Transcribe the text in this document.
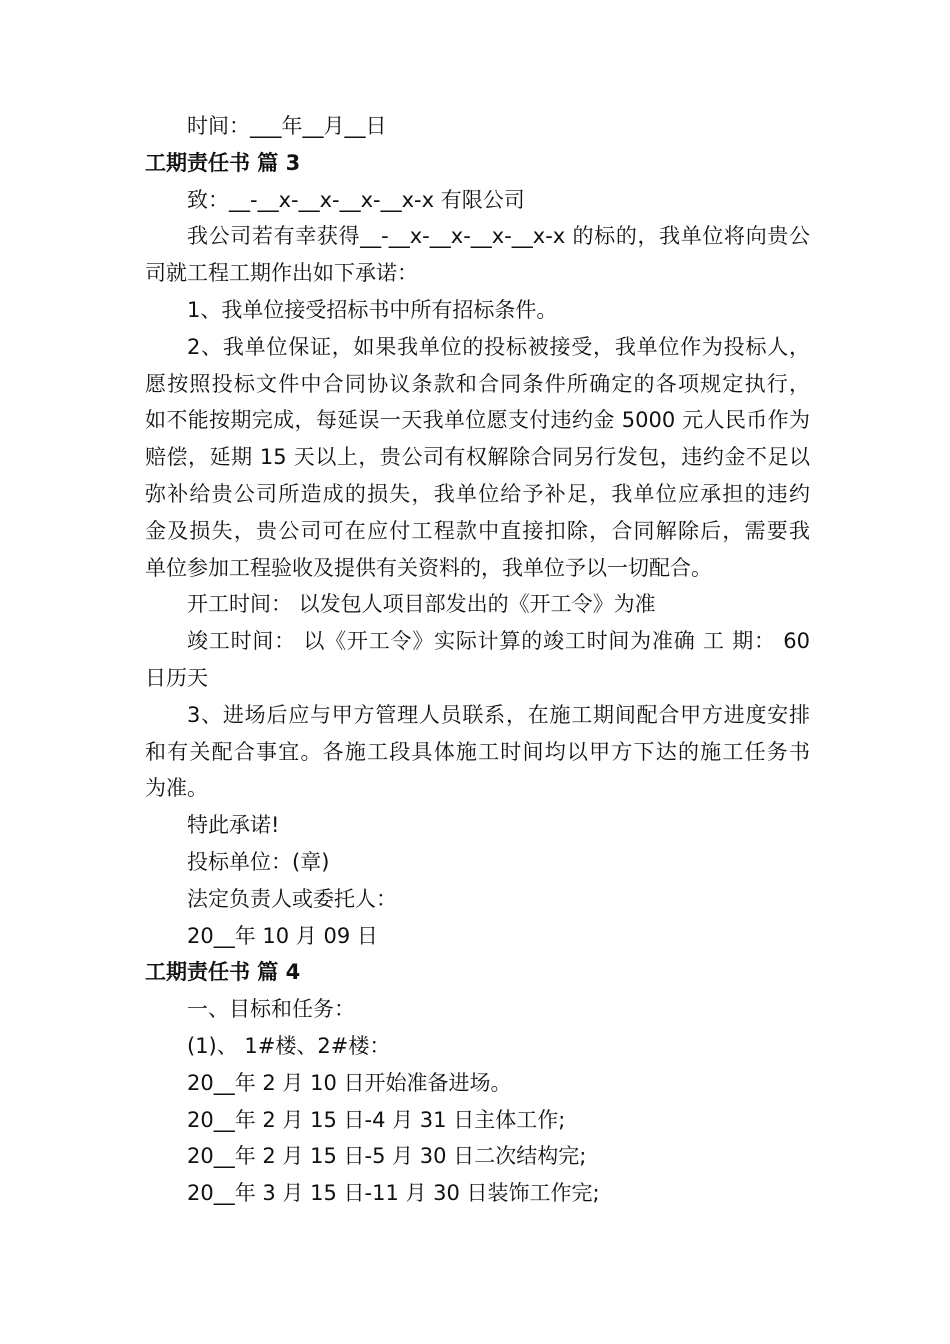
时间：___年__月__日

工期责任书 篇 3

致：__-__x-__x-__x-__x-x 有限公司

我公司若有幸获得__-__x-__x-__x-__x-x 的标的，我单位将向贵公

司就工程工期作出如下承诺：

1、我单位接受招标书中所有招标条件。

2、我单位保证，如果我单位的投标被接受，我单位作为投标人，

愿按照投标文件中合同协议条款和合同条件所确定的各项规定执行，

如不能按期完成，每延误一天我单位愿支付违约金 5000 元人民币作为

赔偿，延期 15 天以上，贵公司有权解除合同另行发包，违约金不足以

弥补给贵公司所造成的损失，我单位给予补足，我单位应承担的违约

金及损失，贵公司可在应付工程款中直接扣除，合同解除后，需要我

单位参加工程验收及提供有关资料的，我单位予以一切配合。

开工时间： 以发包人项目部发出的《开工令》为准

竣工时间： 以《开工令》实际计算的竣工时间为准确 工 期： 60

日历天

3、进场后应与甲方管理人员联系，在施工期间配合甲方进度安排

和有关配合事宜。各施工段具体施工时间均以甲方下达的施工任务书

为准。

特此承诺!

投标单位：(章)

法定负责人或委托人：

20__年 10 月 09 日

工期责任书 篇 4

一、目标和任务：

(1)、 1#楼、2#楼：

20__年 2 月 10 日开始准备进场。

20__年 2 月 15 日-4 月 31 日主体工作;

20__年 2 月 15 日-5 月 30 日二次结构完;

20__年 3 月 15 日-11 月 30 日装饰工作完;
